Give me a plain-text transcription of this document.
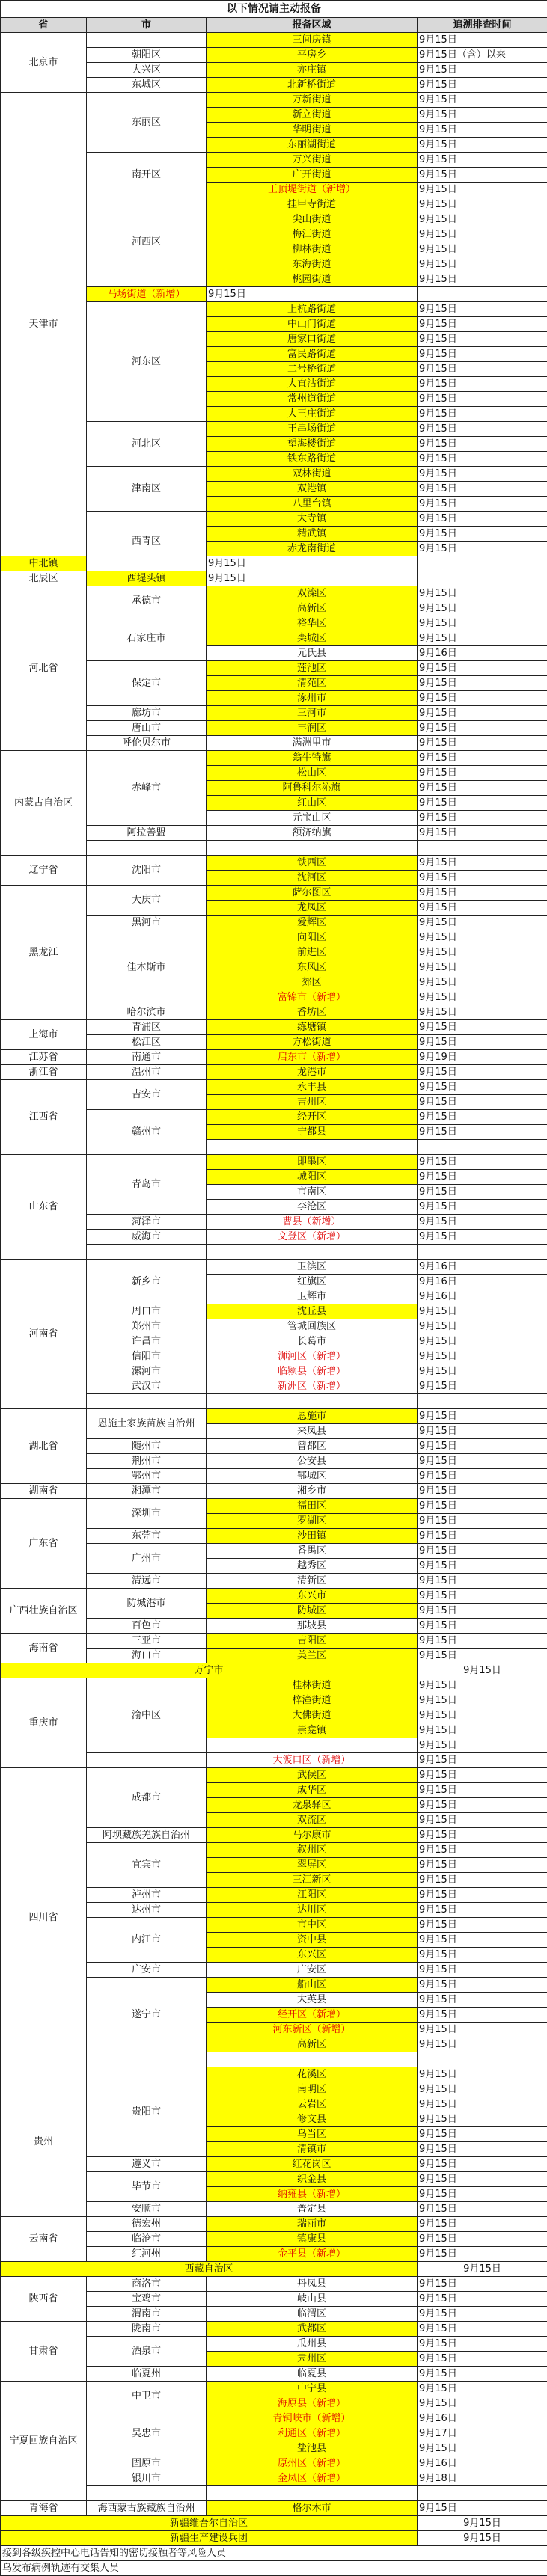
以下情况请主动报备
省	市	报备区域	追溯排查时间
北京市		三间房镇	9月15日
	朝阳区	平房乡	9月15日（含）以来
	大兴区	亦庄镇	9月15日
	东城区	北新桥街道	9月15日
天津市	东丽区	万新街道	9月15日
		新立街道	9月15日
		华明街道	9月15日
		东丽湖街道	9月15日
	南开区	万兴街道	9月15日
		广开街道	9月15日
		王顶堤街道（新增）	9月15日
	河西区	挂甲寺街道	9月15日
		尖山街道	9月15日
		梅江街道	9月15日
		柳林街道	9月15日
		东海街道	9月15日
		桃园街道	9月15日
	马场街道（新增）	9月15日	
	河东区	上杭路街道	9月15日
		中山门街道	9月15日
		唐家口街道	9月15日
		富民路街道	9月15日
		二号桥街道	9月15日
		大直沽街道	9月15日
		常州道街道	9月15日
		大王庄街道	9月15日
	河北区	王串场街道	9月15日
		望海楼街道	9月15日
		铁东路街道	9月15日
	津南区	双林街道	9月15日
		双港镇	9月15日
		八里台镇	9月15日
	西青区	大寺镇	9月15日
		精武镇	9月15日
		赤龙南街道	9月15日
中北镇		9月15日	
北辰区	西堤头镇	9月15日	
河北省	承德市	双滦区	9月15日
		高新区	9月15日
	石家庄市	裕华区	9月15日
		栾城区	9月15日
		元氏县	9月16日
	保定市	莲池区	9月15日
		清苑区	9月15日
		涿州市	9月15日
	廊坊市	三河市	9月15日
	唐山市	丰润区	9月15日
	呼伦贝尔市	满洲里市	9月15日
内蒙古自治区	赤峰市	翁牛特旗	9月15日
		松山区	9月15日
		阿鲁科尔沁旗	9月15日
		红山区	9月15日
		元宝山区	9月15日
	阿拉善盟	额济纳旗	9月15日

辽宁省	沈阳市	铁西区	9月15日
		沈河区	9月15日
黑龙江	大庆市	萨尔图区	9月15日
		龙凤区	9月15日
	黑河市	爱辉区	9月15日
	佳木斯市	向阳区	9月15日
		前进区	9月15日
		东风区	9月15日
		郊区	9月15日
		富锦市（新增）	9月15日
	哈尔滨市	香坊区	9月15日
上海市	青浦区	练塘镇	9月15日
	松江区	方松街道	9月15日
江苏省	南通市	启东市（新增）	9月19日
浙江省	温州市	龙港市	9月15日
江西省	吉安市	永丰县	9月15日
		吉州区	9月15日
	赣州市	经开区	9月15日
		宁都县	9月15日

山东省	青岛市	即墨区	9月15日
		城阳区	9月15日
		市南区	9月15日
		李沧区	9月15日
	菏泽市	曹县（新增）	9月15日
	威海市	文登区（新增）	9月15日

河南省	新乡市	卫滨区	9月16日
		红旗区	9月16日
		卫辉市	9月16日
	周口市	沈丘县	9月15日
	郑州市	管城回族区	9月15日
	许昌市	长葛市	9月15日
	信阳市	浉河区（新增）	9月15日
	漯河市	临颍县（新增）	9月15日
	武汉市	新洲区（新增）	9月15日

湖北省	恩施土家族苗族自治州	恩施市	9月15日
		来凤县	9月15日
	随州市	曾都区	9月15日
	荆州市	公安县	9月15日
	鄂州市	鄂城区	9月15日
湖南省	湘潭市	湘乡市	9月15日
广东省	深圳市	福田区	9月15日
		罗湖区	9月15日
	东莞市	沙田镇	9月15日
	广州市	番禺区	9月15日
		越秀区	9月15日
	清远市	清新区	9月15日
广西壮族自治区	防城港市	东兴市	9月15日
		防城区	9月15日
	百色市	那坡县	9月15日
海南省	三亚市	吉阳区	9月15日
	海口市	美兰区	9月15日
万宁市			9月15日
重庆市	渝中区	桂林街道	9月15日
		梓潼街道	9月15日
		大佛街道	9月15日
		崇龛镇	9月15日
			9月15日
		大渡口区（新增）	9月15日
四川省	成都市	武侯区	9月15日
		成华区	9月15日
		龙泉驿区	9月15日
		双流区	9月15日
	阿坝藏族羌族自治州	马尔康市	9月15日
	宜宾市	叙州区	9月15日
		翠屏区	9月15日
		三江新区	9月15日
	泸州市	江阳区	9月15日
	达州市	达川区	9月15日
	内江市	市中区	9月15日
		资中县	9月15日
		东兴区	9月15日
	广安市	广安区	9月15日
	遂宁市	船山区	9月15日
		大英县	9月15日
		经开区（新增）	9月15日
		河东新区（新增）	9月15日
		高新区	9月15日

贵州	贵阳市	花溪区	9月15日
		南明区	9月15日
		云岩区	9月15日
		修文县	9月15日
		乌当区	9月15日
		清镇市	9月15日
	遵义市	红花岗区	9月15日
	毕节市	织金县	9月15日
		纳雍县（新增）	9月15日
	安顺市	普定县	9月15日
云南省	德宏州	瑞丽市	9月15日
	临沧市	镇康县	9月15日
	红河州	金平县（新增）	9月15日
西藏自治区			9月15日
陕西省	商洛市	丹凤县	9月15日
	宝鸡市	岐山县	9月15日
	渭南市	临渭区	9月15日
甘肃省	陇南市	武都区	9月15日
	酒泉市	瓜州县	9月15日
		肃州区	9月15日
	临夏州	临夏县	9月15日
宁夏回族自治区	中卫市	中宁县	9月15日
		海原县（新增）	9月15日
	吴忠市	青铜峡市（新增）	9月16日
		利通区（新增）	9月17日
		盐池县	9月15日
	固原市	原州区（新增）	9月16日
	银川市	金凤区（新增）	9月18日

青海省	海西蒙古族藏族自治州	格尔木市	9月15日
新疆维吾尔自治区			9月15日
新疆生产建设兵团			9月15日
接到各级疾控中心电话告知的密切接触者等风险人员			
乌发布病例轨迹有交集人员			
